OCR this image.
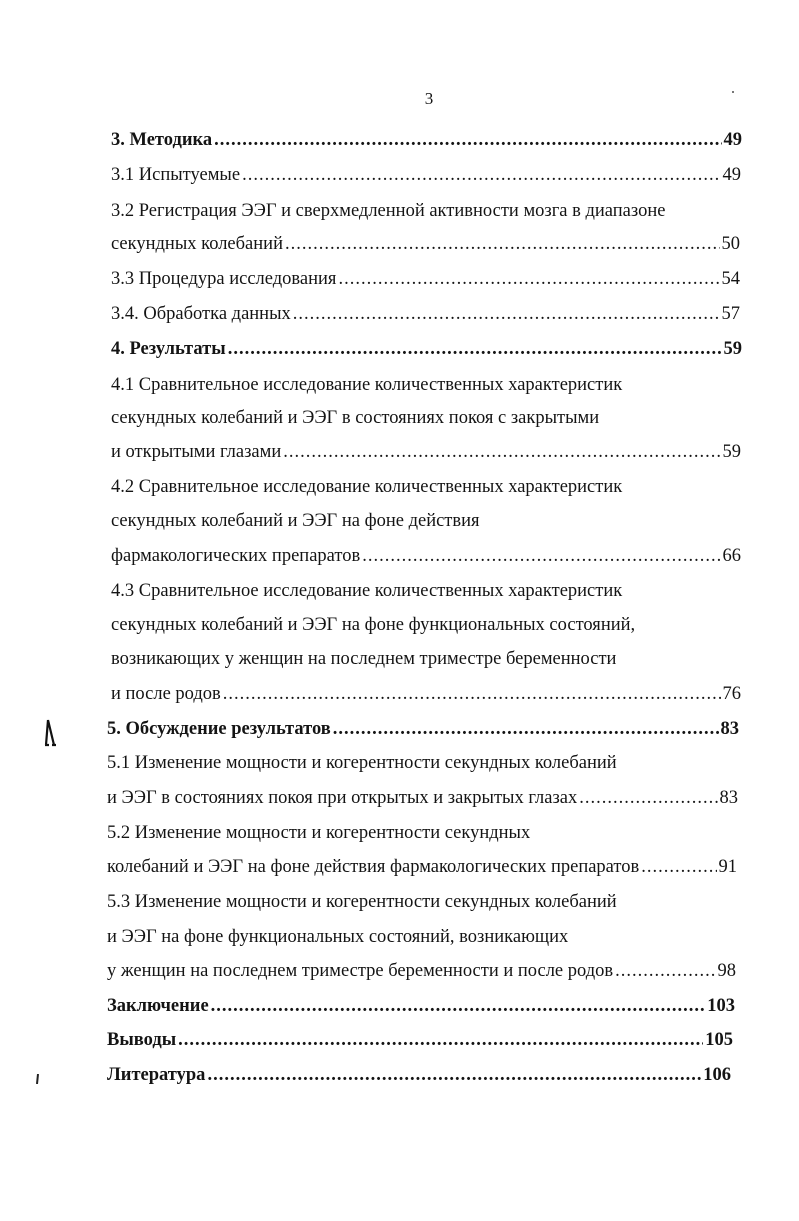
3
3. Методика .....	49
3.1 Испытуемые .....	49
3.2 Регистрация ЭЭГ и сверхмедленной активности мозга в диапазоне
секундных колебаний .....	50
3.3 Процедура исследования .....	54
3.4. Обработка данных .....	57
4. Результаты .....	59
4.1 Сравнительное исследование количественных характеристик
секундных колебаний и ЭЭГ в состояниях покоя с закрытыми
и открытыми глазами .....	59
4.2 Сравнительное исследование количественных характеристик
секундных колебаний и ЭЭГ на фоне действия
фармакологических препаратов .....	66
4.3 Сравнительное исследование количественных характеристик
секундных колебаний и ЭЭГ на фоне функциональных состояний,
возникающих у женщин на последнем триместре беременности
и после родов .....	76
5. Обсуждение результатов .....	83
5.1 Изменение мощности и когерентности секундных колебаний
и ЭЭГ в состояниях покоя при открытых и закрытых глазах .....	83
5.2 Изменение мощности и когерентности секундных
колебаний и ЭЭГ на фоне действия фармакологических препаратов .....	91
5.3 Изменение мощности и когерентности секундных колебаний
и ЭЭГ на фоне функциональных состояний, возникающих
у женщин на последнем триместре беременности и после родов .....	98
Заключение .....	103
Выводы .....	105
Литература .....	106
